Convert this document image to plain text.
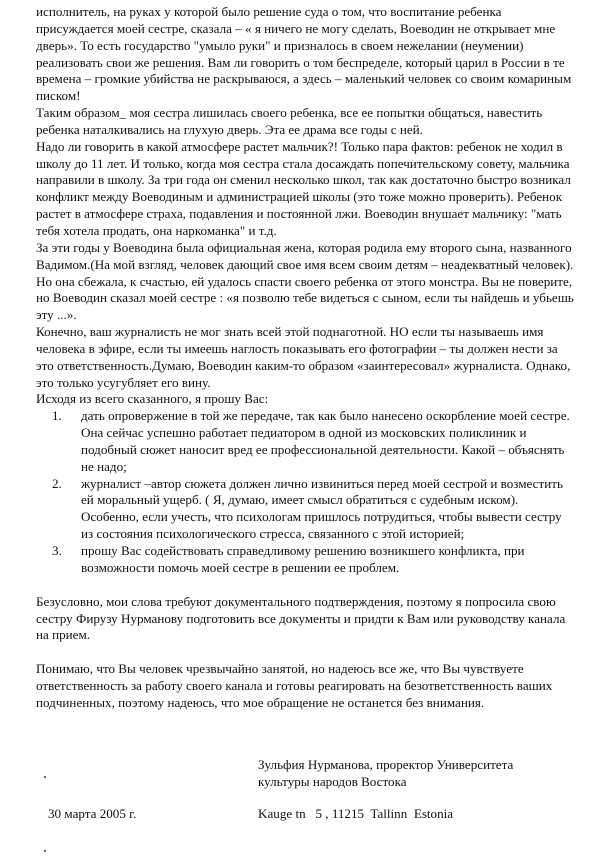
исполнитель, на руках у которой было решение суда о том, что воспитание ребенка присуждается моей сестре, сказала – « я ничего не могу сделать, Воеводин не открывает мне дверь». То есть государство "умыло руки" и призналось в своем нежелании (неумении) реализовать свои же решения. Вам ли говорить о том беспределе, который царил в России в те времена – громкие убийства не раскрываюся, а здесь – маленький человек со своим комариным писком!

Таким образом_ моя сестра лишилась своего ребенка, все ее попытки общаться, навестить ребенка наталкивались на глухую дверь. Эта ее драма все годы с ней.

Надо ли говорить в какой атмосфере растет мальчик?! Только пара фактов: ребенок не ходил в школу до 11 лет. И только, когда моя сестра стала досаждать попечительскому совету, мальчика направили в школу. За три года он сменил несколько школ, так как достаточно быстро возникал конфликт между Воеводиным и администрацией школы (это тоже можно проверить). Ребенок растет в атмосфере страха, подавления и постоянной лжи. Воеводин внушает мальчику: "мать тебя хотела продать, она наркоманка" и т.д.

За эти годы у Воеводина была официальная жена, которая родила ему второго сына, названного Вадимом.(На мой взгляд, человек дающий свое имя всем своим детям – неадекватный человек). Но она сбежала, к счастью, ей удалось спасти своего ребенка от этого монстра. Вы не поверите, но Воеводин сказал моей сестре : «я позволю тебе видеться с сыном, если ты найдешь и убьешь эту ...».

Конечно, ваш журналисть не мог знать всей этой поднаготной. НО если ты называешь имя человека в эфире, если ты имеешь наглость показывать его фотографии – ты должен нести за это ответственность.Думаю, Воеводин каким-то образом «заинтересовал» журналиста. Однако, это только усугубляет его вину.

Исходя из всего сказанного, я прошу Вас:

1. дать опровержение в той же передаче, так как было нанесено оскорбление моей сестре. Она сейчас успешно работает педиатором в одной из московских поликлиник и подобный сюжет наносит вред ее профессиональной деятельности. Какой – объяснять не надо;
2. журналист –автор сюжета должен лично извиниться перед моей сестрой и возместить ей моральный ущерб. ( Я, думаю, имеет смысл обратиться с судебным иском). Особенно, если учесть, что психологам пришлось потрудиться, чтобы вывести сестру из состояния психологического стресса, связанного с этой историей;
3. прошу Вас содействовать справедливому решению возникшего конфликта, при возможности помочь моей сестре в решении ее проблем.

Безусловно, мои слова требуют документального подтверждения, поэтому я попросила свою сестру Фирузу Нурманову подготовить все документы и придти к Вам или руководству канала на прием.

Понимаю, что Вы человек чрезвычайно занятой, но надеюсь все же, что Вы чувствуете ответственность за работу своего канала и готовы реагировать на безответственность ваших подчиненных, поэтому надеюсь, что мое обращение не останется без внимания.

Зульфия Нурманова, проректор Университета
культуры народов Востока
30 марта 2005 г.	Kauge tn   5 , 11215  Tallinn  Estonia
